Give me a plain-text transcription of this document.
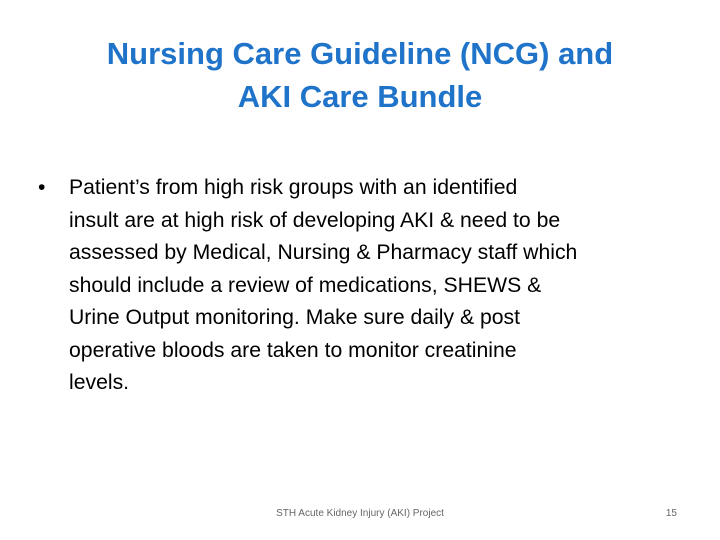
Nursing Care Guideline (NCG) and
AKI Care Bundle
•	Patient’s from high risk groups with an identified
insult are at high risk of developing AKI & need to be
assessed by Medical, Nursing & Pharmacy staff which
should include a review of medications, SHEWS &
Urine Output monitoring. Make sure daily & post
operative bloods are taken to monitor creatinine
levels.
STH Acute Kidney Injury (AKI) Project	15
